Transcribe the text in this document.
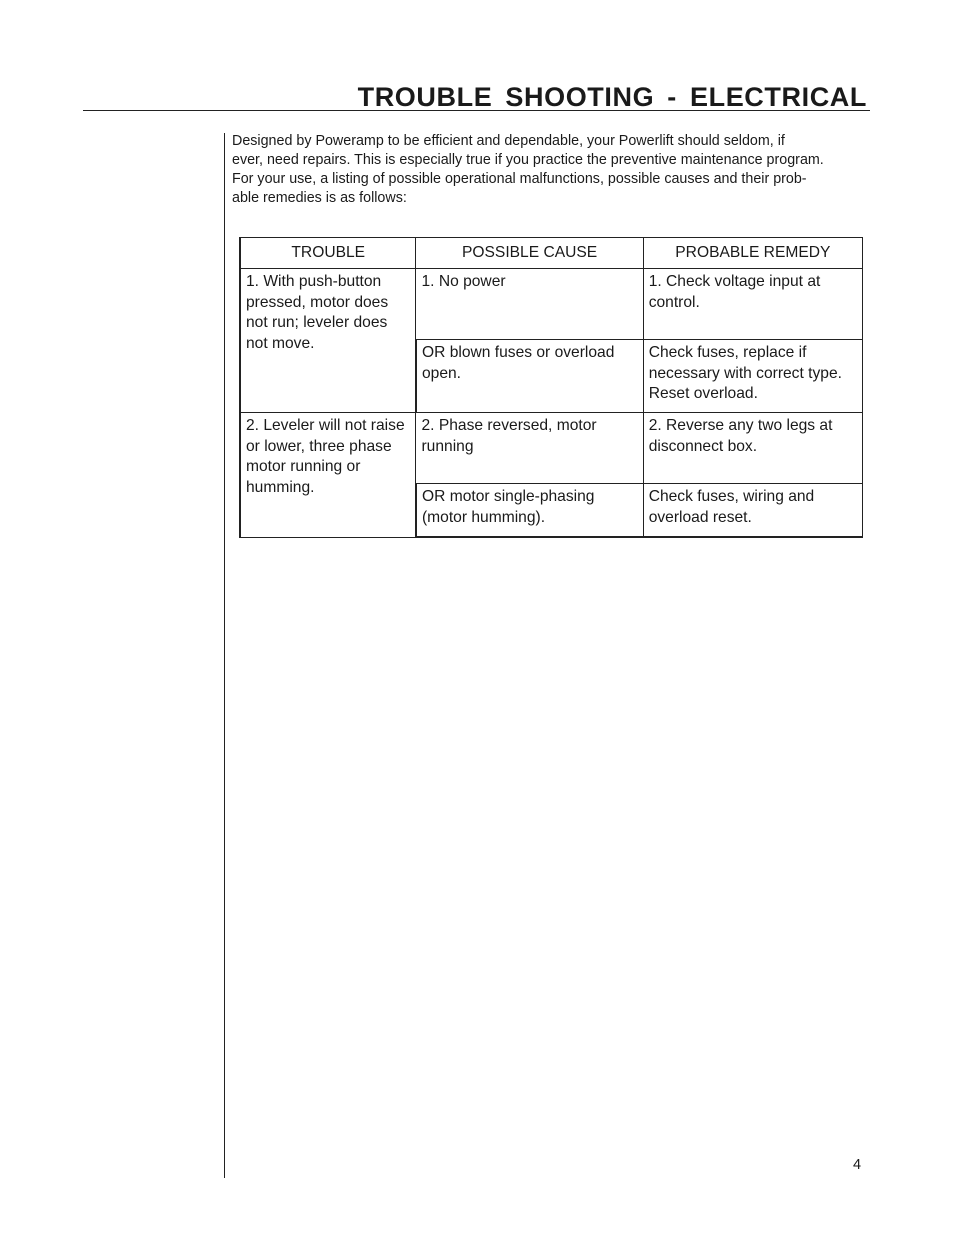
TROUBLE SHOOTING - ELECTRICAL

Designed by Poweramp to be efficient and dependable, your Powerlift should seldom, if
ever, need repairs. This is especially true if you practice the preventive maintenance program.
For your use, a listing of possible operational malfunctions, possible causes and their prob-
able remedies is as follows:

TROUBLE	POSSIBLE CAUSE	PROBABLE REMEDY
1. With push-button pressed, motor does not run; leveler does not move.	1. No power	1. Check voltage input at control.
	OR blown fuses or overload open.	Check fuses, replace if necessary with correct type. Reset overload.
2. Leveler will not raise or lower, three phase motor running or humming.	2. Phase reversed, motor running	2. Reverse any two legs at disconnect box.
	OR motor single-phasing (motor humming).	Check fuses, wiring and overload reset.

4
